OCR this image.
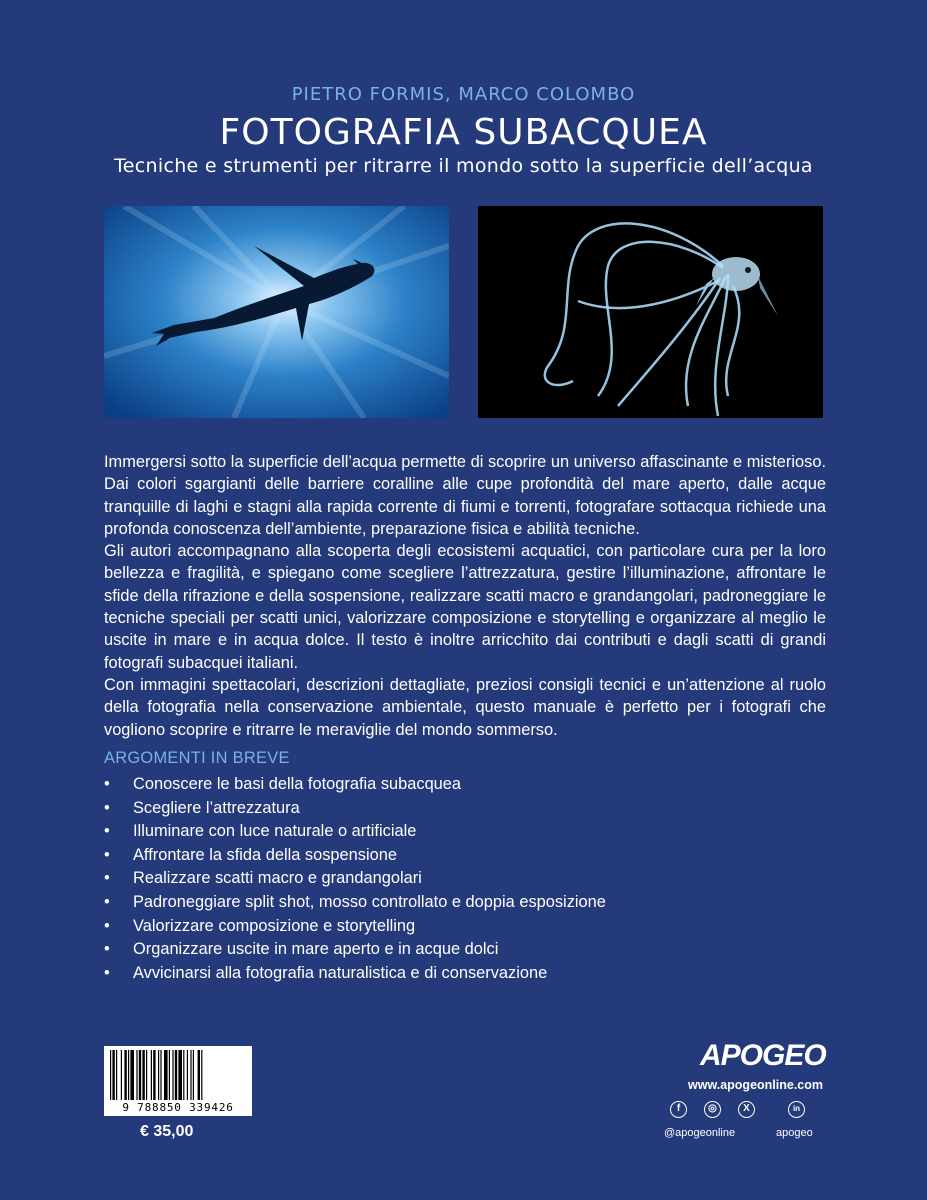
PIETRO FORMIS, MARCO COLOMBO
FOTOGRAFIA SUBACQUEA
Tecniche e strumenti per ritrarre il mondo sotto la superficie dell’acqua

Immergersi sotto la superficie dell’acqua permette di scoprire un universo affascinante e misterioso. Dai colori sgargianti delle barriere coralline alle cupe profondità del mare aperto, dalle acque tranquille di laghi e stagni alla rapida corrente di fiumi e torrenti, fotografare sottacqua richiede una profonda conoscenza dell’ambiente, preparazione fisica e abilità tecniche.

Gli autori accompagnano alla scoperta degli ecosistemi acquatici, con particolare cura per la loro bellezza e fragilità, e spiegano come scegliere l’attrezzatura, gestire l’illuminazione, affrontare le sfide della rifrazione e della sospensione, realizzare scatti macro e grandangolari, padroneggiare le tecniche speciali per scatti unici, valorizzare composizione e storytelling e organizzare al meglio le uscite in mare e in acqua dolce. Il testo è inoltre arricchito dai contributi e dagli scatti di grandi fotografi subacquei italiani.

Con immagini spettacolari, descrizioni dettagliate, preziosi consigli tecnici e un’attenzione al ruolo della fotografia nella conservazione ambientale, questo manuale è perfetto per i fotografi che vogliono scoprire e ritrarre le meraviglie del mondo sommerso.

ARGOMENTI IN BREVE
• Conoscere le basi della fotografia subacquea
• Scegliere l’attrezzatura
• Illuminare con luce naturale o artificiale
• Affrontare la sfida della sospensione
• Realizzare scatti macro e grandangolari
• Padroneggiare split shot, mosso controllato e doppia esposizione
• Valorizzare composizione e storytelling
• Organizzare uscite in mare aperto e in acque dolci
• Avvicinarsi alla fotografia naturalistica e di conservazione
9 788850 339426
€ 35,00
APOGEO
www.apogeonline.com
f	◎	X	in
@apogeonline	apogeo
